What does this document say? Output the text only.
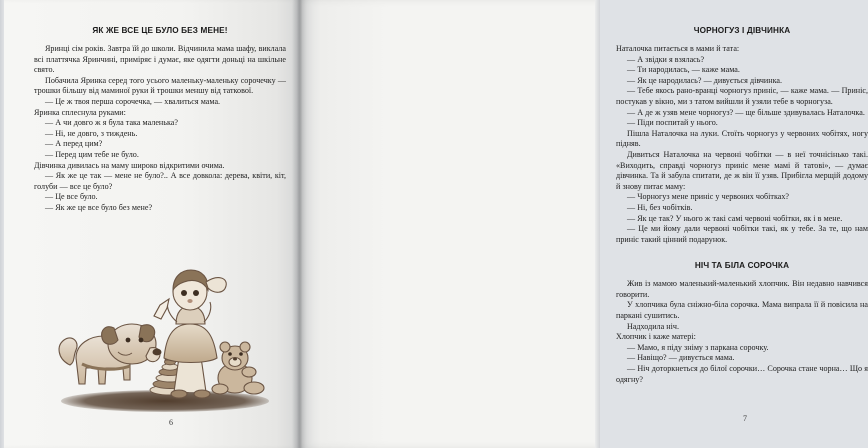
ЯК ЖЕ ВСЕ ЦЕ БУЛО БЕЗ МЕНЕ!

Яринці сім років. Завтра їй до школи. Відчинила мама шафу, виклала всі платтячка Яринчині, приміряє і думає, яке одягти доньці на шкільне свято.

Побачила Яринка серед того усього маленьку-маленьку сорочечку — трошки більшу від маминої руки й трошки меншу від таткової.

— Це ж твоя перша сорочечка, — хвалиться мама.

Яринка сплеснула руками:

— А чи довго ж я була така маленька?

— Ні, не довго, з тиждень.

— А перед цим?

— Перед цим тебе не було.

Дівчинка дивилась на маму широко відкритими очима.

— Як же це так — мене не було?.. А все довкола: дерева, квіти, кіт, голуби — все це було?

— Це все було.

— Як же це все було без мене?

6
ЧОРНОГУЗ І ДІВЧИНКА

Наталочка питається в мами й тата:

— А звідки я взялась?

— Ти народилась, — каже мама.

— Як це народилась? — дивується дівчинка.

— Тебе якось рано-вранці чорногуз приніс, — каже мама. — Приніс, постукав у вікно, ми з татом вийшли й узяли тебе в чорногуза.

— А де ж узяв мене чорногуз? — ще більше здивувалась Наталочка.

— Піди поспитай у нього.

Пішла Наталочка на луки. Стоїть чорногуз у червоних чобітях, ногу підняв.

Дивиться Наталочка на червоні чобітки — в неї точнісінько такі. «Виходить, справді чорногуз приніс мене мамі й татові», — думає дівчинка. Та й забула спитати, де ж він її узяв. Прибігла мерщій додому й знову питає маму:

— Чорногуз мене приніс у червоних чобітках?

— Ні, без чобітків.

— Як це так? У нього ж такі самі червоні чобітки, як і в мене.

— Це ми йому дали червоні чобітки такі, як у тебе. За те, що нам приніс такий цінний подарунок.

НІЧ ТА БІЛА СОРОЧКА

Жив із мамою маленький-маленький хлопчик. Він недавно навчився говорити.

У хлопчика була сніжно-біла сорочка. Мама випрала її й повісила на паркані сушитись.

Надходила ніч.

Хлопчик і каже матері:

— Мамо, я піду зніму з паркана сорочку.

— Навіщо? — дивується мама.

— Ніч доторкнеться до білої сорочки… Сорочка стане чорна… Що я одягну?

7
